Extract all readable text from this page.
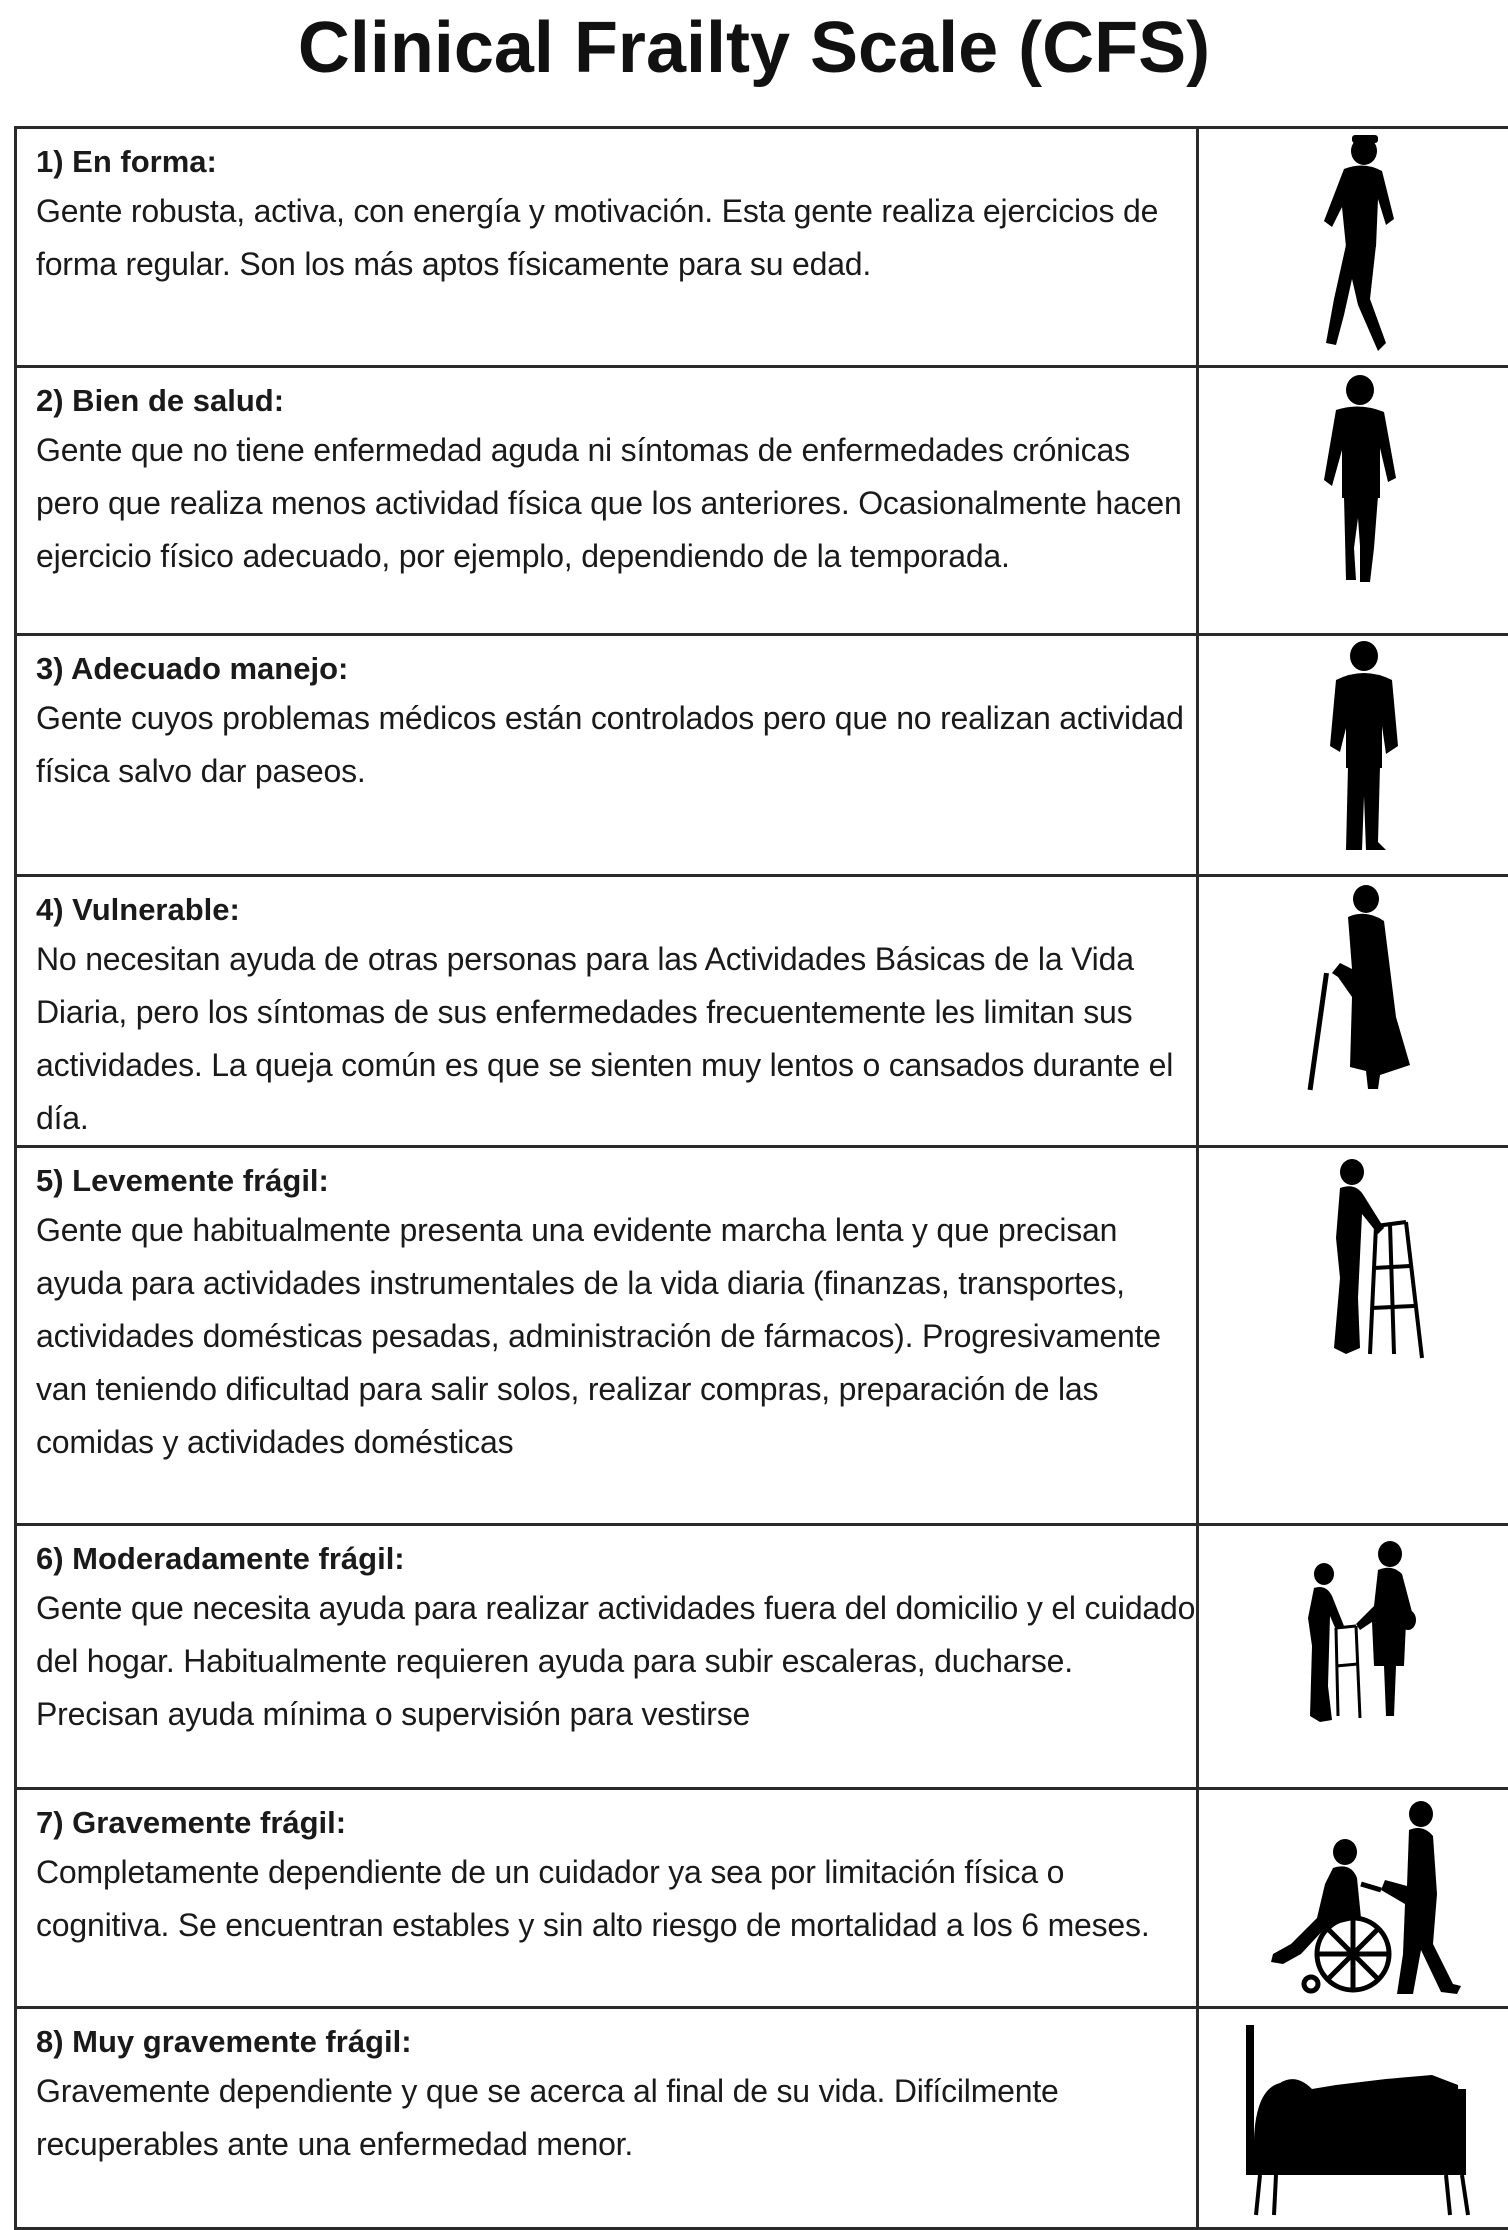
Clinical Frailty Scale (CFS)

1) En forma:

Gente robusta, activa, con energía y motivación. Esta gente realiza ejercicios de forma regular. Son los más aptos físicamente para su edad.

2) Bien de salud:

Gente que no tiene enfermedad aguda ni síntomas de enfermedades crónicas pero que realiza menos actividad física que los anteriores. Ocasionalmente hacen ejercicio físico adecuado, por ejemplo, dependiendo de la temporada.

3) Adecuado manejo:

Gente cuyos problemas médicos están controlados pero que no realizan actividad física salvo dar paseos.

4) Vulnerable:

No necesitan ayuda de otras personas para las Actividades Básicas de la Vida Diaria, pero los síntomas de sus enfermedades frecuentemente les limitan sus actividades. La queja común es que se sienten muy lentos o cansados durante el día.

5) Levemente frágil:

Gente que habitualmente presenta una evidente marcha lenta y que precisan ayuda para actividades instrumentales de la vida diaria (finanzas, transportes, actividades domésticas pesadas, administración de fármacos). Progresivamente van teniendo dificultad para salir solos, realizar compras, preparación de las comidas y actividades domésticas

6) Moderadamente frágil:

Gente que necesita ayuda para realizar actividades fuera del domicilio y el cuidado del hogar. Habitualmente requieren ayuda para subir escaleras, ducharse. Precisan ayuda mínima o supervisión para vestirse

7) Gravemente frágil:

Completamente dependiente de un cuidador ya sea por limitación física o cognitiva. Se encuentran estables y sin alto riesgo de mortalidad a los 6 meses.

8) Muy gravemente frágil:

Gravemente dependiente y que se acerca al final de su vida. Difícilmente recuperables ante una enfermedad menor.
